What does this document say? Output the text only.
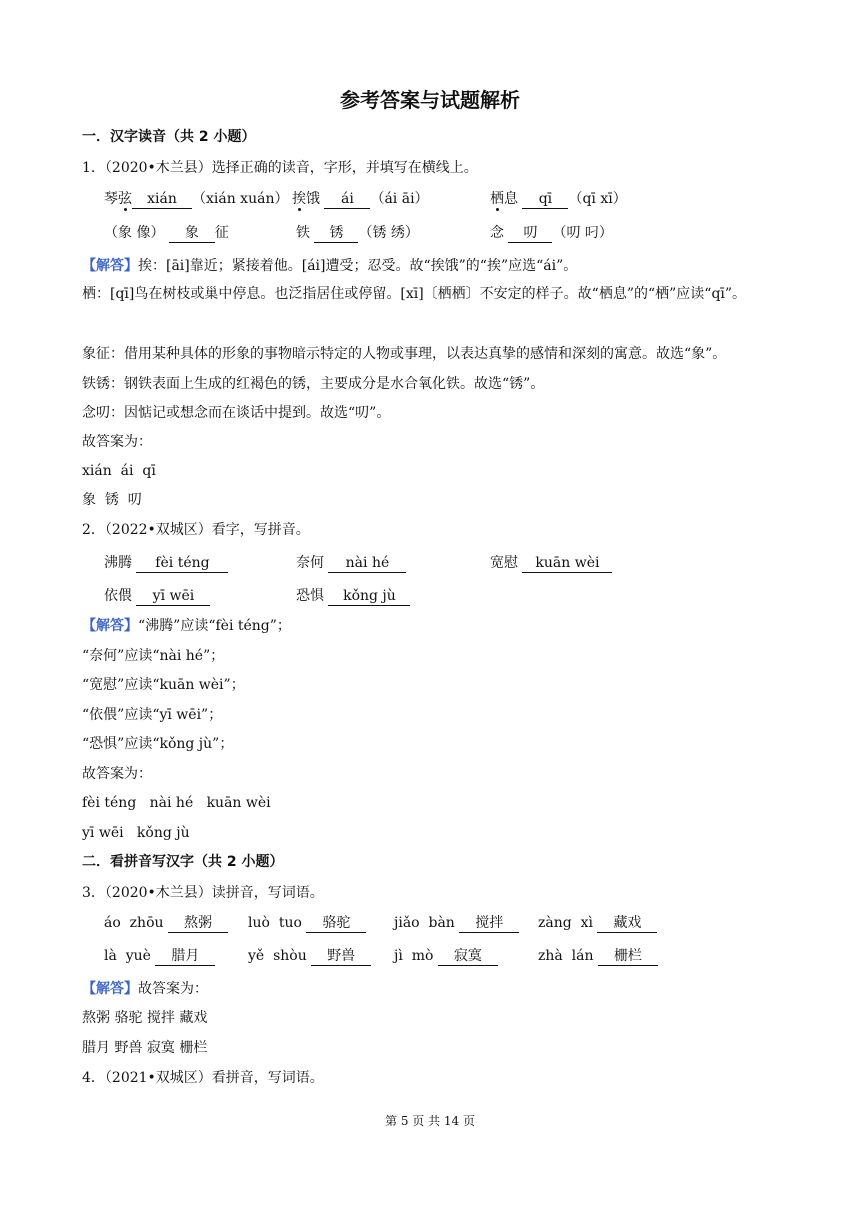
参考答案与试题解析
一．汉字读音（共 2 小题）
1．（2020•木兰县）选择正确的读音，字形，并填写在横线上。
琴弦 xián （xián xuán） 挨饿 ái （ái āi）	栖息 qī （qī xī）
（象 像） 象 征	铁 锈 （锈 绣）	念 叨 （叨 叼）
【解答】挨：[āi]靠近；紧接着他。[ái]遭受；忍受。故“挨饿”的“挨”应选“ái”。
栖：[qī]鸟在树枝或巢中停息。也泛指居住或停留。[xī]〔栖栖〕不安定的样子。故“栖息”的“栖”应读“qī”。
象征：借用某种具体的形象的事物暗示特定的人物或事理，以表达真挚的感情和深刻的寓意。故选“象”。
铁锈：钢铁表面上生成的红褐色的锈，主要成分是水合氧化铁。故选“锈”。
念叨：因惦记或想念而在谈话中提到。故选“叨”。
故答案为：
xián  ái  qī
象  锈  叨
2．（2022•双城区）看字，写拼音。
沸腾 fèi téng	奈何 nài hé	宽慰 kuān wèi
依偎 yī wēi	恐惧 kǒng jù
【解答】“沸腾”应读“fèi téng”；
“奈何”应读“nài hé”；
“宽慰”应读“kuān wèi”；
“依偎”应读“yī wēi”；
“恐惧”应读“kǒng jù”；
故答案为：
fèi téng   nài hé   kuān wèi
yī wēi   kǒng jù
二．看拼音写汉字（共 2 小题）
3．（2020•木兰县）读拼音，写词语。
áo  zhōu 熬粥	luò  tuo 骆驼	jiǎo  bàn 搅拌	zàng  xì 藏戏
là  yuè 腊月	yě  shòu 野兽	jì  mò 寂寞	zhà  lán 栅栏
【解答】故答案为：
熬粥 骆驼 搅拌 藏戏
腊月 野兽 寂寞 栅栏
4．（2021•双城区）看拼音，写词语。
第 5 页 共 14 页
